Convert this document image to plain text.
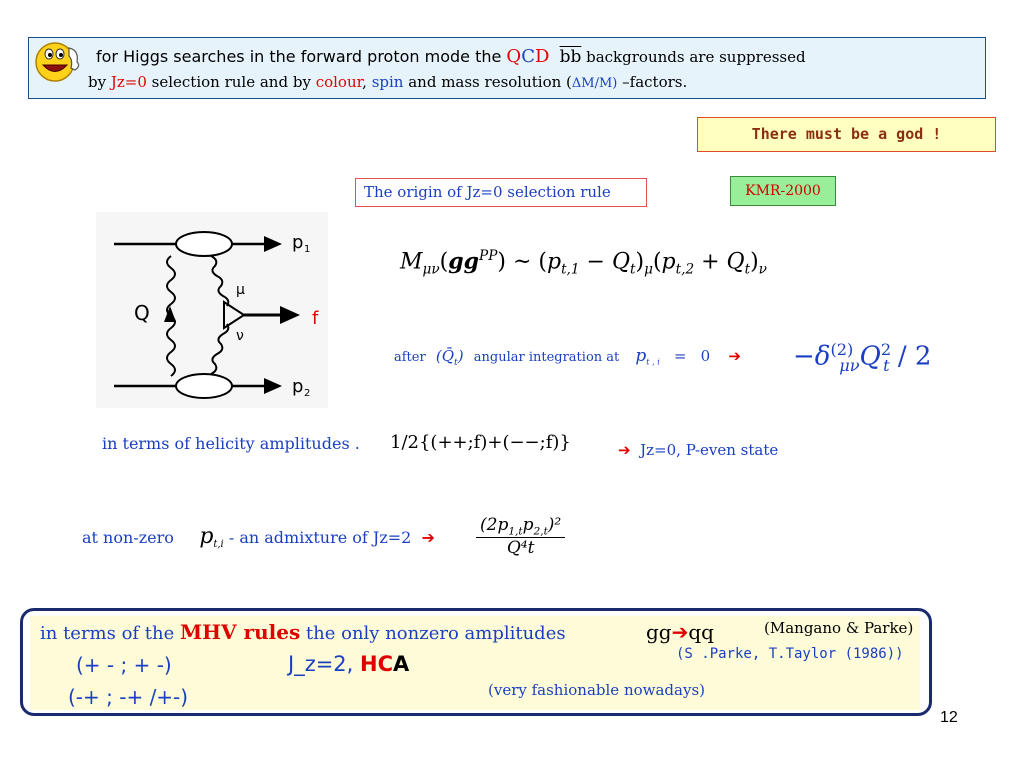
for Higgs searches in the forward proton mode the QCD $\overline{bb}$ backgrounds are suppressed
by Jz=0 selection rule and by colour, spin and mass resolution (ΔM/M) –factors.
There must be a god !
The origin of Jz=0 selection rule	KMR-2000
p 1
p 2
Q
μ
ν
f
$M_{\mu\nu}(gg^{PP})$ ~ $(p_{t,1} - Q_t)_\mu(p_{t,2} + Q_t)_\nu$
after $(Q̄_t)$ angular integration at $p_{t , i} = 0$ ➔ $-\delta^{(2)}_{\mu\nu}Q^2_t / 2$
in terms of helicity amplitudes . 1/2{(++;f)+(−−;f)}	➔ Jz=0, P-even state
at non-zero $p_{t,i}$ - an admixture of Jz=2 ➔ $\frac{(2p_{1,t}p_{2,t})^2}{\text{Q⁴t}}$
in terms of the MHV rules the only nonzero amplitudes	gg➔qq	(Mangano & Parke)
(+ - ; + -)	J_z=2, HCA	(S .Parke, T.Taylor (1986))
(-+ ; -+ /+-)	(very fashionable nowadays)
12
